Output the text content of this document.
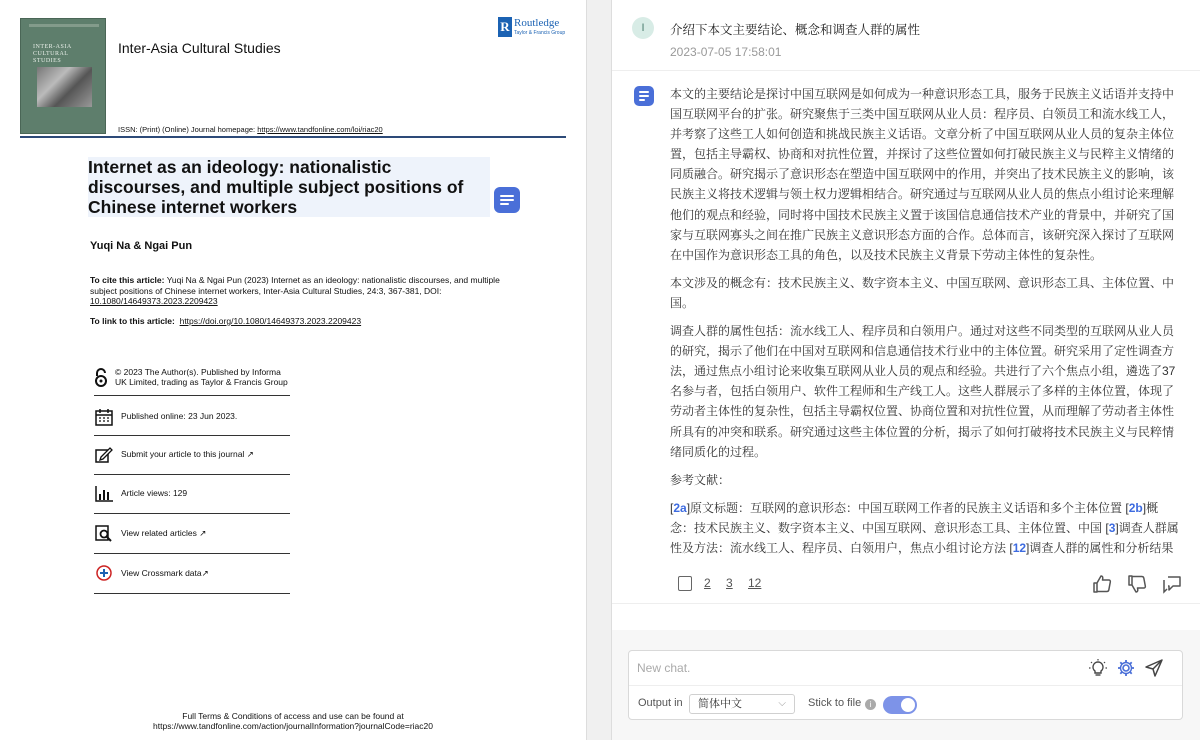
INTER-ASIA CULTURAL STUDIES
Inter-Asia Cultural Studies
R Routledge
Taylor & Francis Group
ISSN: (Print) (Online) Journal homepage: https://www.tandfonline.com/loi/riac20
Internet as an ideology: nationalistic discourses, and multiple subject positions of Chinese internet workers
Yuqi Na & Ngai Pun
To cite this article: Yuqi Na & Ngai Pun (2023) Internet as an ideology: nationalistic discourses, and multiple subject positions of Chinese internet workers, Inter-Asia Cultural Studies, 24:3, 367-381, DOI: 10.1080/14649373.2023.2209423
To link to this article:  https://doi.org/10.1080/14649373.2023.2209423
© 2023 The Author(s). Published by Informa UK Limited, trading as Taylor & Francis Group
Published online: 23 Jun 2023.
Submit your article to this journal ↗
Article views: 129
View related articles ↗
View Crossmark data↗
Full Terms & Conditions of access and use can be found at https://www.tandfonline.com/action/journalInformation?journalCode=riac20
I	介绍下本文主要结论、概念和调查人群的属性
2023-07-05 17:58:01

本文的主要结论是探讨中国互联网是如何成为一种意识形态工具，服务于民族主义话语并支持中国互联网平台的扩张。研究聚焦于三类中国互联网从业人员：程序员、白领员工和流水线工人，并考察了这些工人如何创造和挑战民族主义话语。文章分析了中国互联网从业人员的复杂主体位置，包括主导霸权、协商和对抗性位置，并探讨了这些位置如何打破民族主义与民粹主义情绪的同质融合。研究揭示了意识形态在塑造中国互联网中的作用，并突出了技术民族主义的影响，该民族主义将技术逻辑与领土权力逻辑相结合。研究通过与互联网从业人员的焦点小组讨论来理解他们的观点和经验，同时将中国技术民族主义置于该国信息通信技术产业的背景中，并研究了国家与互联网寡头之间在推广民族主义意识形态方面的合作。总体而言，该研究深入探讨了互联网在中国作为意识形态工具的角色，以及技术民族主义背景下劳动主体性的复杂性。

本文涉及的概念有：技术民族主义、数字资本主义、中国互联网、意识形态工具、主体位置、中国。

调查人群的属性包括：流水线工人、程序员和白领用户。通过对这些不同类型的互联网从业人员的研究，揭示了他们在中国对互联网和信息通信技术行业中的主体位置。研究采用了定性调查方法，通过焦点小组讨论来收集互联网从业人员的观点和经验。共进行了六个焦点小组，遴选了37名参与者，包括白领用户、软件工程师和生产线工人。这些人群展示了多样的主体位置，体现了劳动者主体性的复杂性，包括主导霸权位置、协商位置和对抗性位置，从而理解了劳动者主体性所具有的冲突和联系。研究通过这些主体位置的分析，揭示了如何打破将技术民族主义与民粹情绪同质化的过程。

参考文献：

[2a]原文标题：互联网的意识形态：中国互联网工作者的民族主义话语和多个主体位置 [2b]概念：技术民族主义、数字资本主义、中国互联网、意识形态工具、主体位置、中国 [3]调查人群属性及方法：流水线工人、程序员、白领用户，焦点小组讨论方法 [12]调查人群的属性和分析结果

2 3 12
New chat.
Output in	简体中文	⌵ Stick to file	i
